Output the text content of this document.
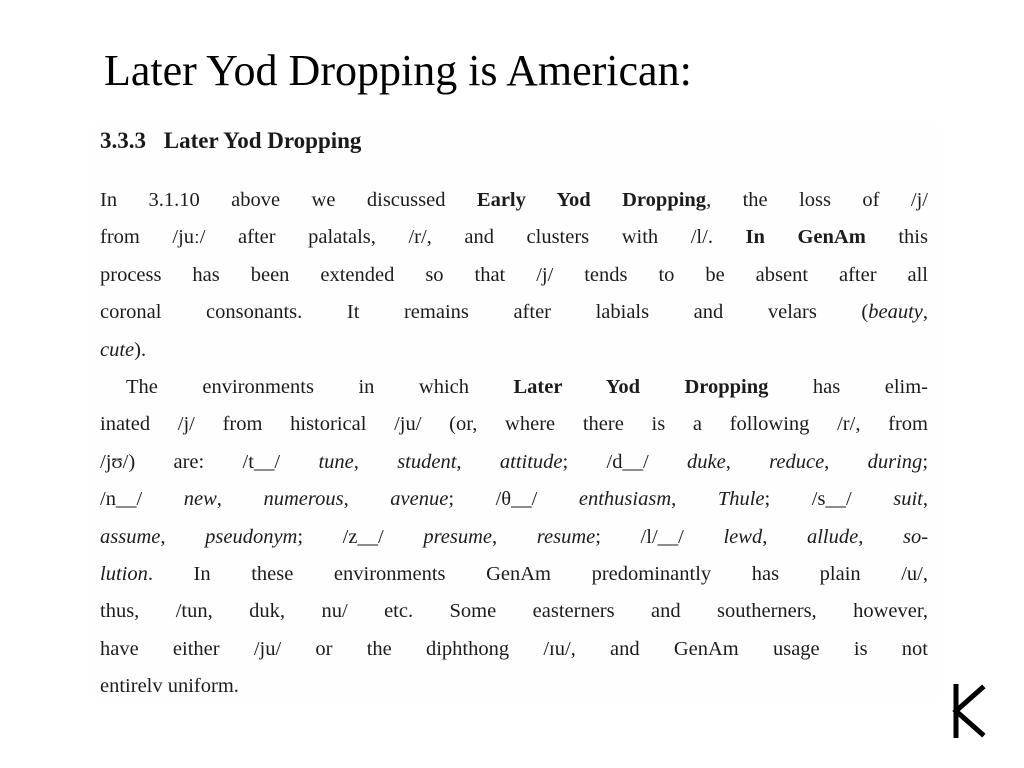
Later Yod Dropping is American:
3.3.3 Later Yod Dropping
In 3.1.10 above we discussed Early Yod Dropping, the loss of /j/
from /juː/ after palatals, /r/, and clusters with /l/. In GenAm this
process has been extended so that /j/ tends to be absent after all
coronal consonants. It remains after labials and velars (beauty,
cute).
The environments in which Later Yod Dropping has elim-
inated /j/ from historical /ju/ (or, where there is a following /r/, from
/jʊ/) are: /t__/ tune, student, attitude; /d__/ duke, reduce, during;
/n__/ new, numerous, avenue; /θ__/ enthusiasm, Thule; /s__/ suit,
assume, pseudonym; /z__/ presume, resume; /l/__/ lewd, allude, so-
lution. In these environments GenAm predominantly has plain /u/,
thus, /tun, duk, nu/ etc. Some easterners and southerners, however,
have either /ju/ or the diphthong /ɪu/, and GenAm usage is not
entirelv uniform.
